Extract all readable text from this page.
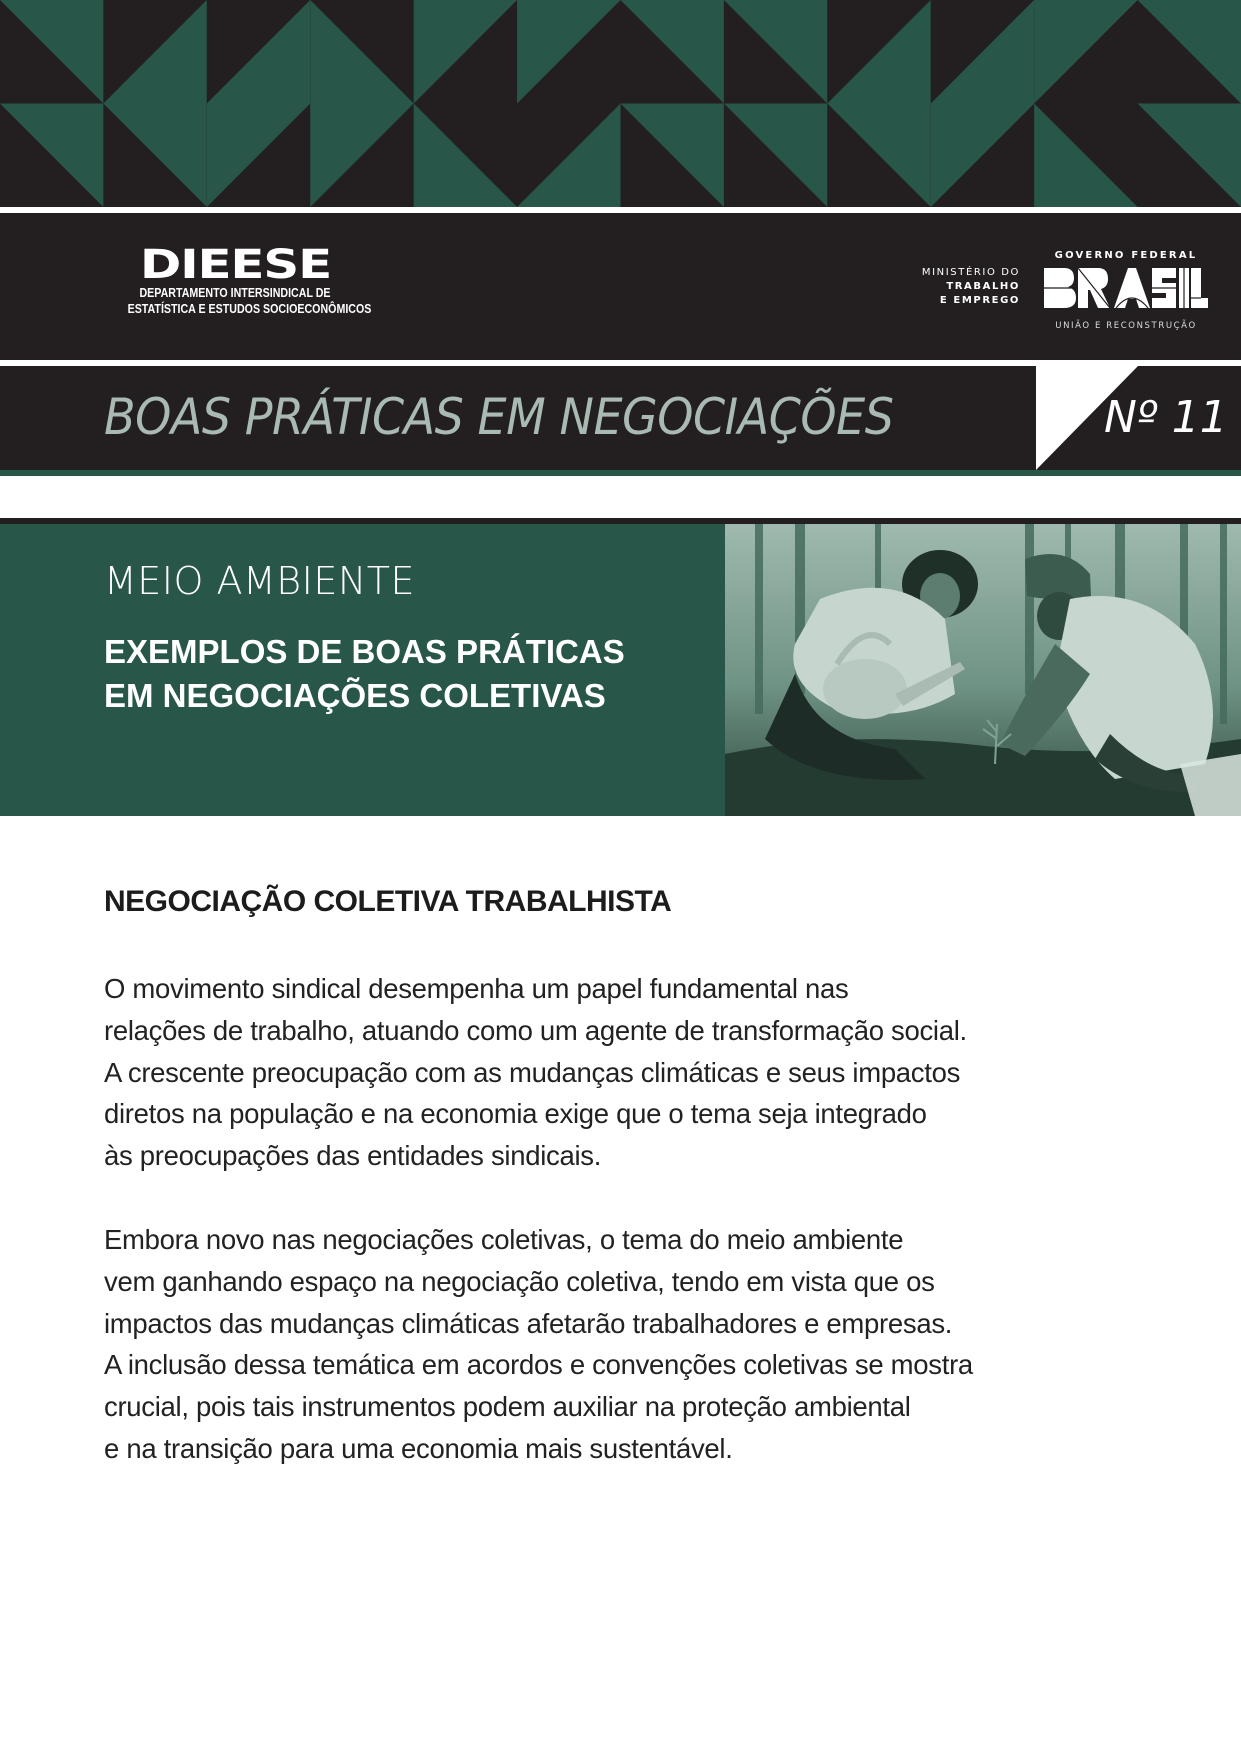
DIEESE
DEPARTAMENTO INTERSINDICAL DE
ESTATÍSTICA E ESTUDOS SOCIOECONÔMICOS
MINISTÉRIO DO
TRABALHO
E EMPREGO
GOVERNO FEDERAL
UNIÃO E RECONSTRUÇÃO
BOAS PRÁTICAS EM NEGOCIAÇÕES	Nº 11
MEIO AMBIENTE
EXEMPLOS DE BOAS PRÁTICAS
EM NEGOCIAÇÕES COLETIVAS
NEGOCIAÇÃO COLETIVA TRABALHISTA
O movimento sindical desempenha um papel fundamental nas
relações de trabalho, atuando como um agente de transformação social.
A crescente preocupação com as mudanças climáticas e seus impactos
diretos na população e na economia exige que o tema seja integrado
às preocupações das entidades sindicais.
Embora novo nas negociações coletivas, o tema do meio ambiente
vem ganhando espaço na negociação coletiva, tendo em vista que os
impactos das mudanças climáticas afetarão trabalhadores e empresas.
A inclusão dessa temática em acordos e convenções coletivas se mostra
crucial, pois tais instrumentos podem auxiliar na proteção ambiental
e na transição para uma economia mais sustentável.
